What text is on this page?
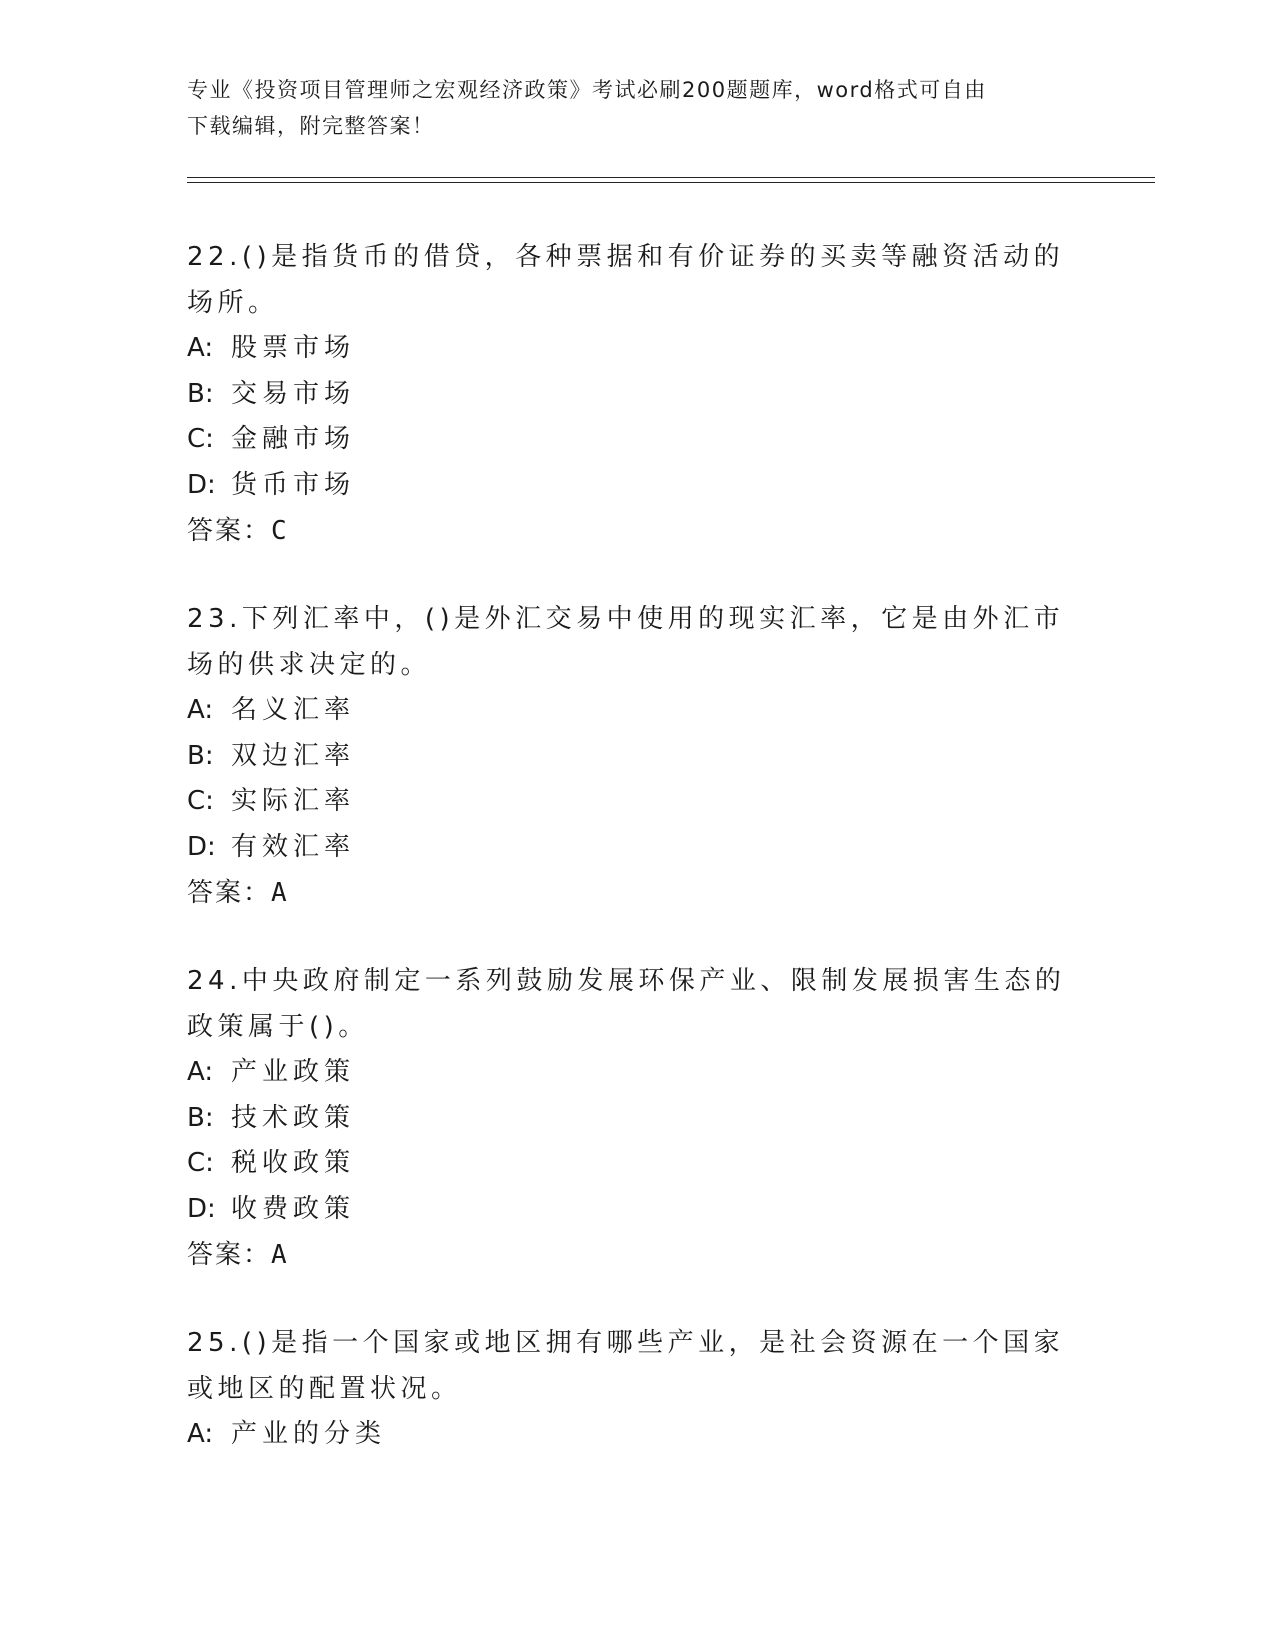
专业《投资项目管理师之宏观经济政策》考试必刷200题题库，word格式可自由
下载编辑，附完整答案！

22.()是指货币的借贷，各种票据和有价证券的买卖等融资活动的场所。

A: 股票市场

B: 交易市场

C: 金融市场

D: 货币市场

答案：C

23.下列汇率中，()是外汇交易中使用的现实汇率，它是由外汇市场的供求决定的。

A: 名义汇率

B: 双边汇率

C: 实际汇率

D: 有效汇率

答案：A

24.中央政府制定一系列鼓励发展环保产业、限制发展损害生态的政策属于()。

A: 产业政策

B: 技术政策

C: 税收政策

D: 收费政策

答案：A

25.()是指一个国家或地区拥有哪些产业，是社会资源在一个国家或地区的配置状况。

A: 产业的分类
